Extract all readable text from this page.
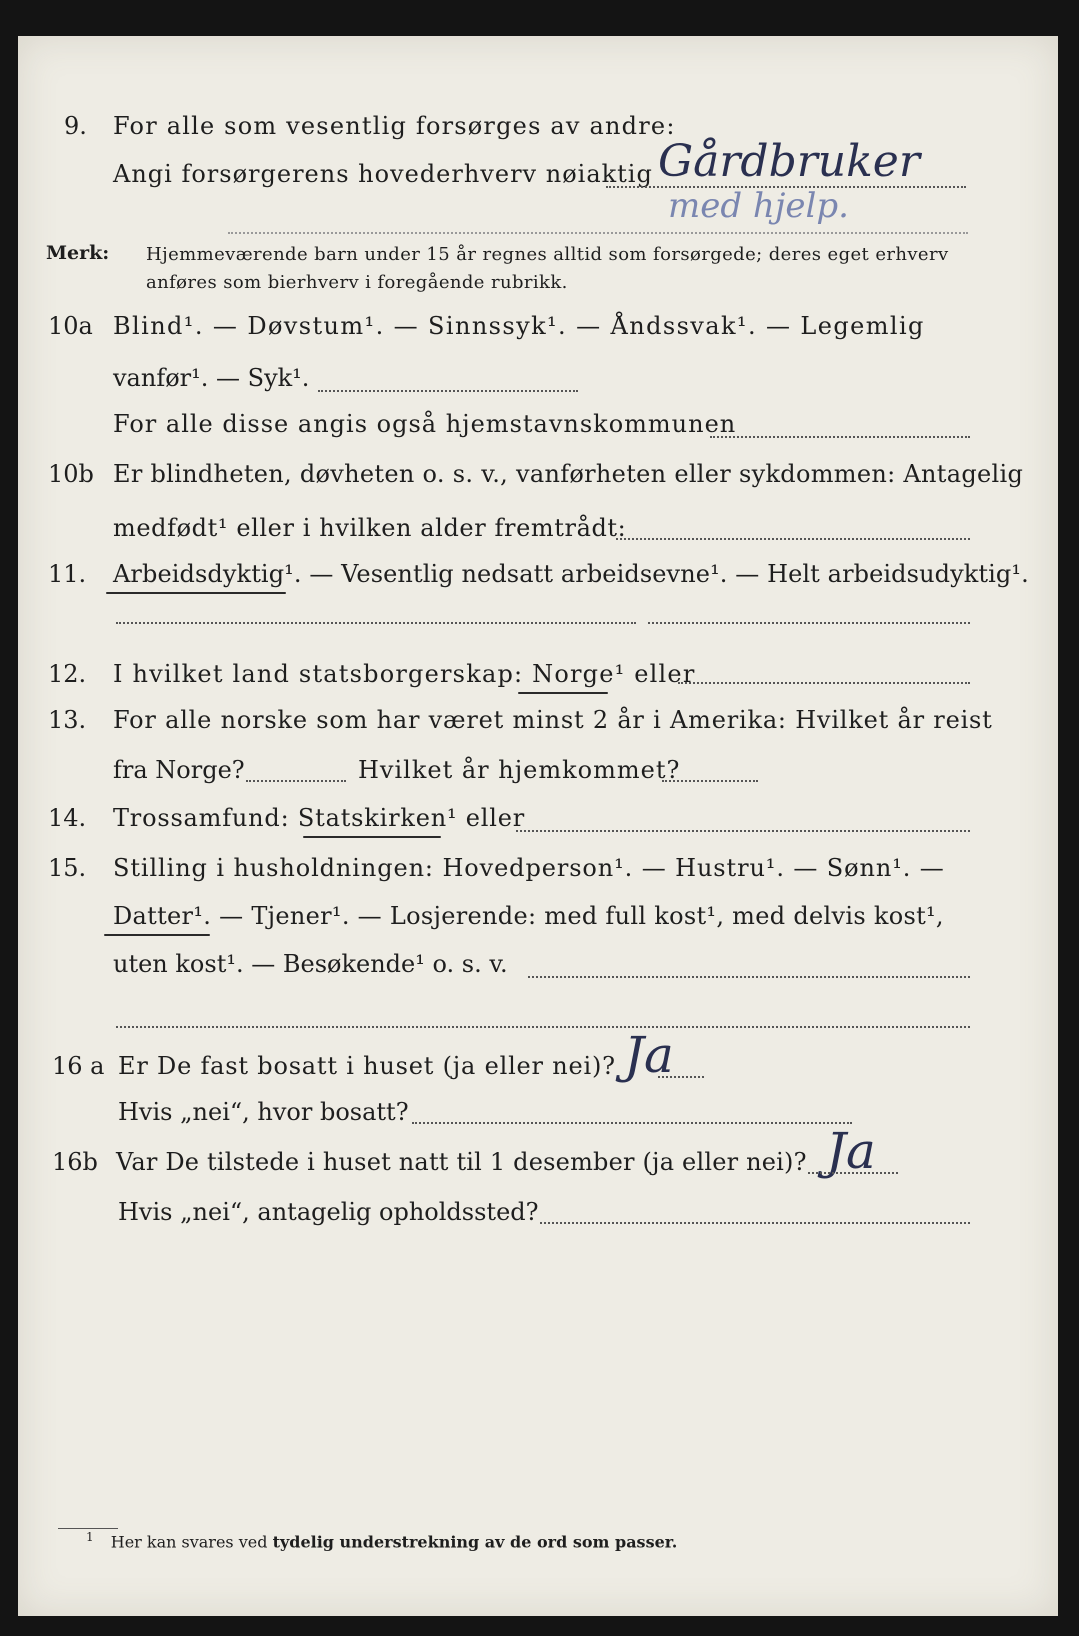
9. For alle som vesentlig forsørges av andre:
Angi forsørgerens hovederhverv nøiaktig Gårdbruker
med hjelp.
Merk: Hjemmeværende barn under 15 år regnes alltid som forsørgede; deres eget erhverv
anføres som bierhverv i foregående rubrikk.
10a Blind¹. — Døvstum¹. — Sinnssyk¹. — Åndssvak¹. — Legemlig
vanfør¹. — Syk¹.
For alle disse angis også hjemstavnskommunen
10b Er blindheten, døvheten o. s. v., vanførheten eller sykdommen: Antagelig
medfødt¹ eller i hvilken alder fremtrådt:
11. Arbeidsdyktig¹. — Vesentlig nedsatt arbeidsevne¹. — Helt arbeidsudyktig¹.
12. I hvilket land statsborgerskap: Norge¹ eller
13. For alle norske som har været minst 2 år i Amerika: Hvilket år reist
fra Norge?	Hvilket år hjemkommet?
14. Trossamfund: Statskirken¹ eller
15. Stilling i husholdningen: Hovedperson¹. — Hustru¹. — Sønn¹. —
Datter¹. — Tjener¹. — Losjerende: med full kost¹, med delvis kost¹,
uten kost¹. — Besøkende¹ o. s. v.
16 a Er De fast bosatt i huset (ja eller nei)? Ja
Hvis „nei“, hvor bosatt?
16b Var De tilstede i huset natt til 1 desember (ja eller nei)? Ja
Hvis „nei“, antagelig opholdssted?
$^1$ Her kan svares ved tydelig understrekning av de ord som passer.
